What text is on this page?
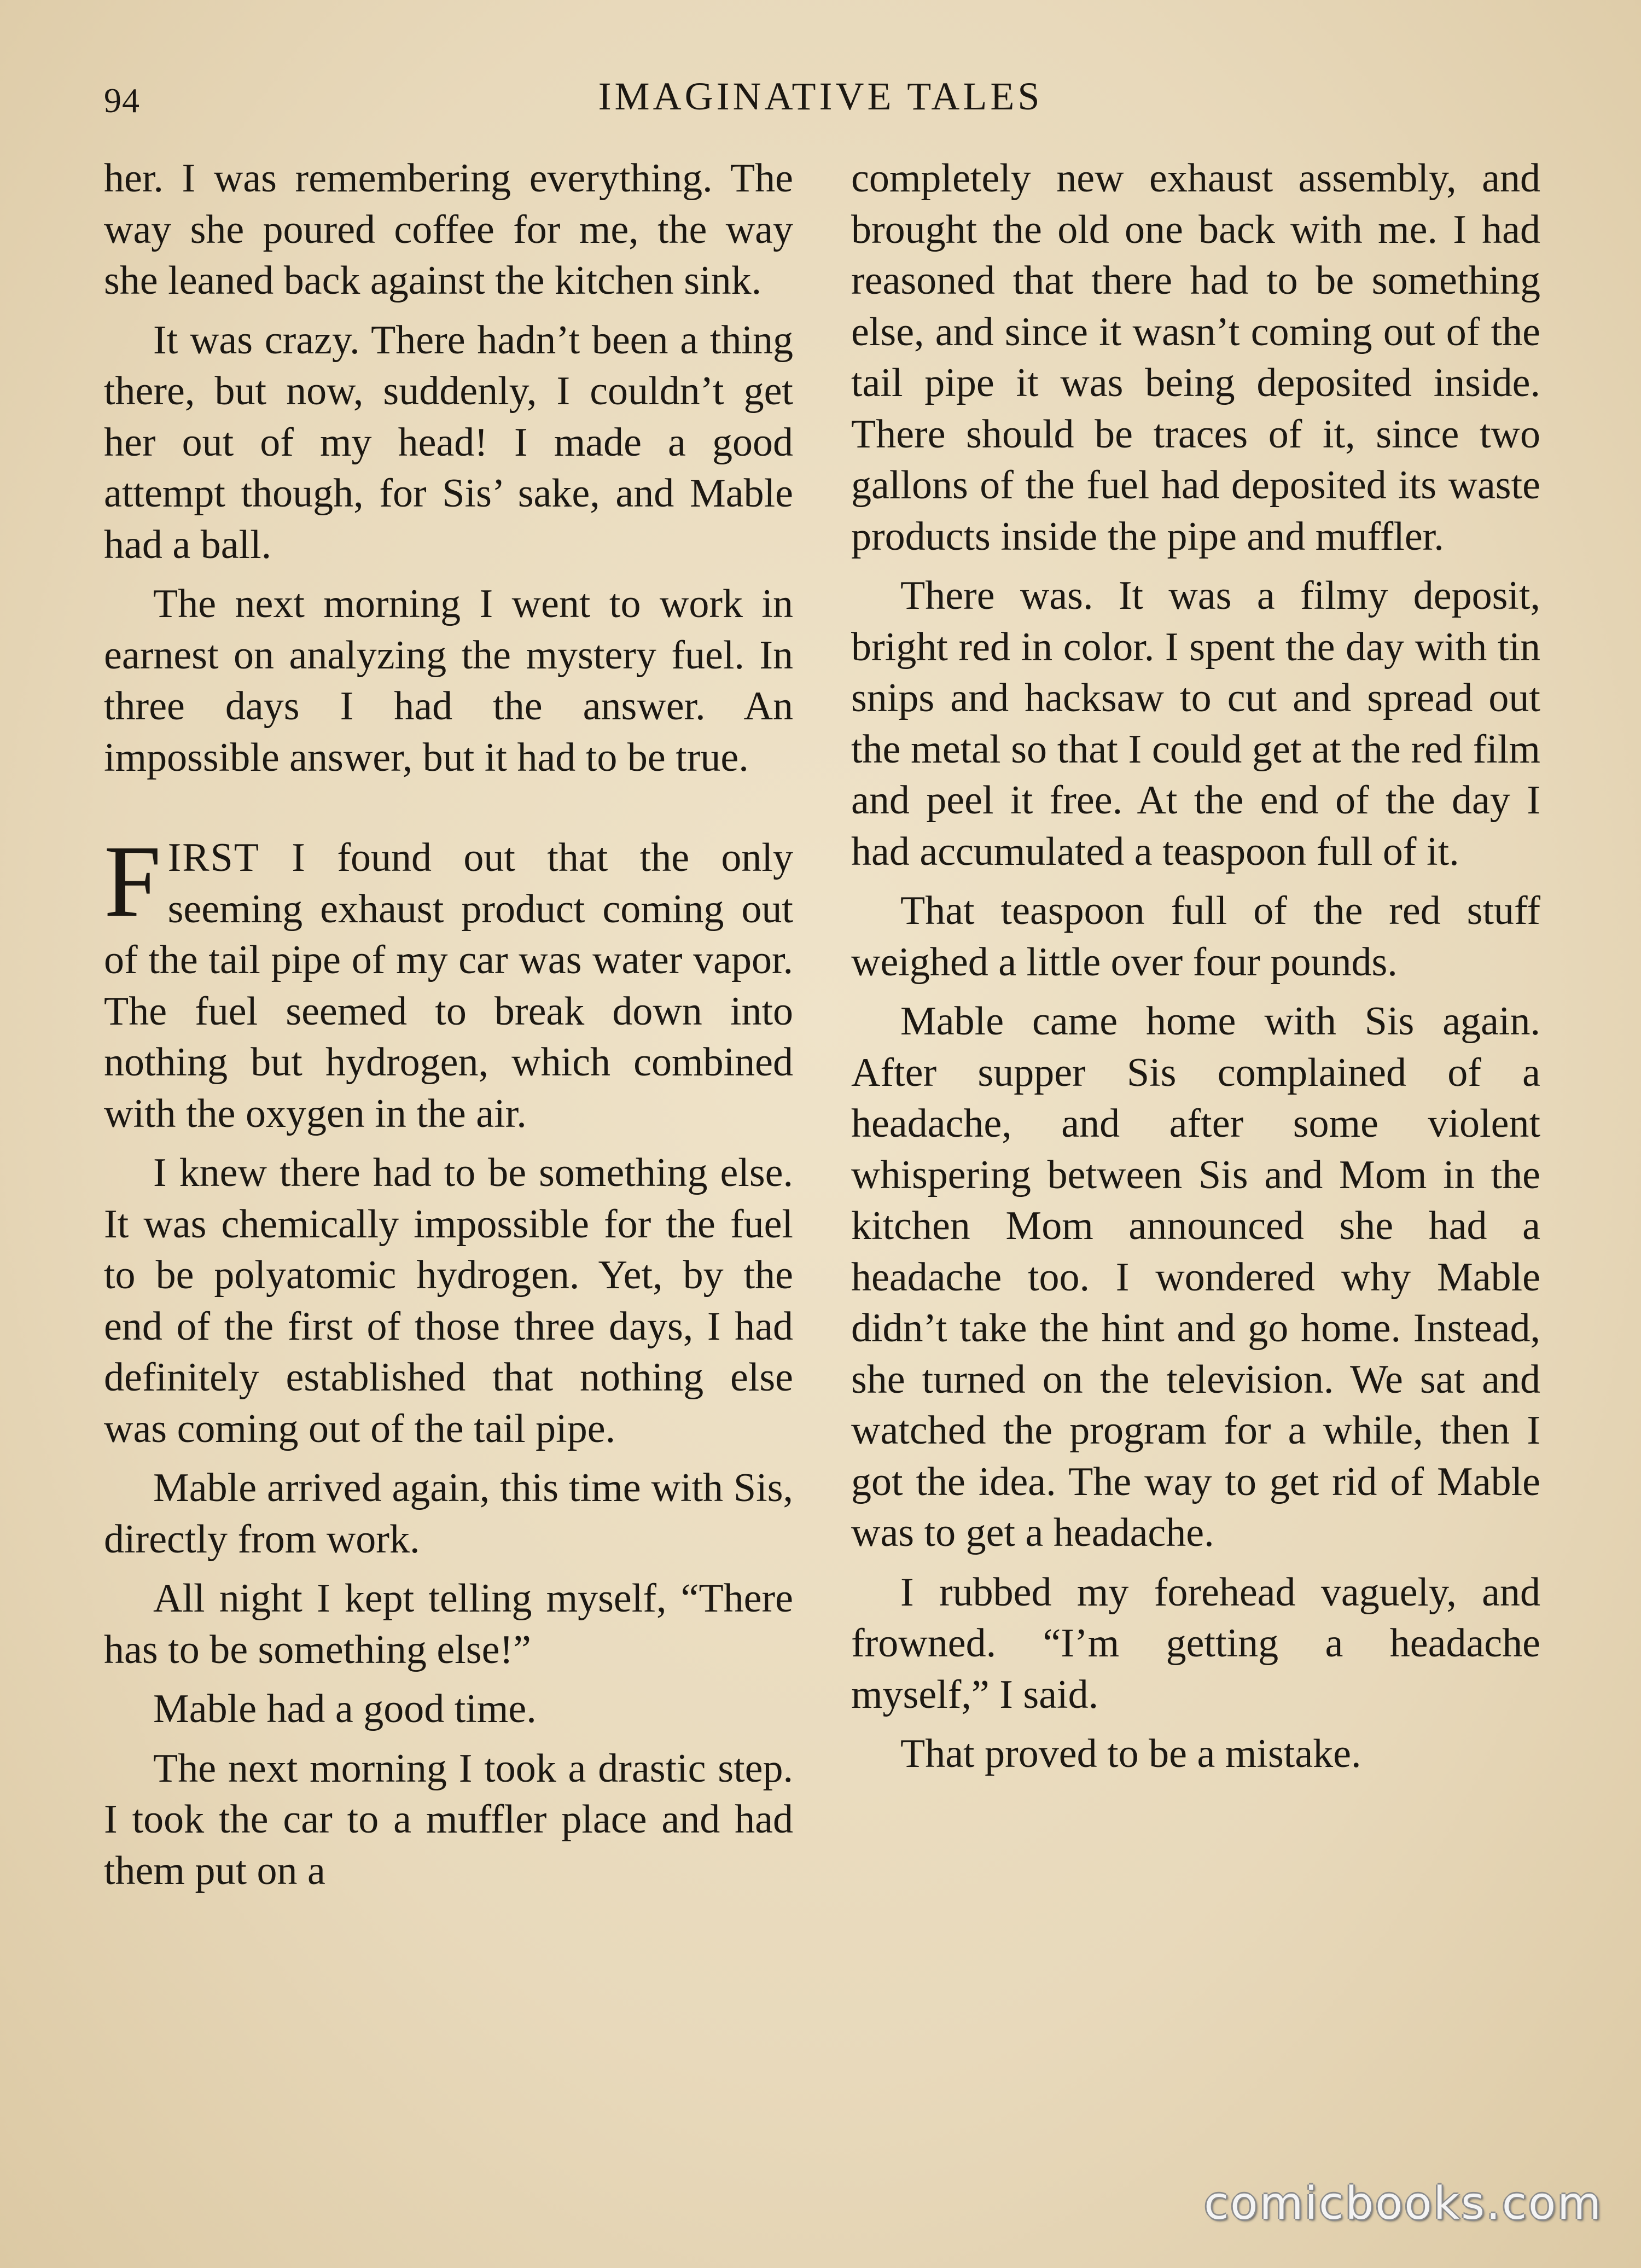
94	IMAGINATIVE TALES

her. I was remembering everything. The way she poured coffee for me, the way she leaned back against the kitchen sink.

It was crazy. There hadn’t been a thing there, but now, suddenly, I couldn’t get her out of my head! I made a good attempt though, for Sis’ sake, and Mable had a ball.

The next morning I went to work in earnest on analyzing the mystery fuel. In three days I had the answer. An impossible answer, but it had to be true.

FIRST I found out that the only seeming exhaust product coming out of the tail pipe of my car was water vapor. The fuel seemed to break down into nothing but hydrogen, which combined with the oxygen in the air.

I knew there had to be something else. It was chemically impossible for the fuel to be polyatomic hydrogen. Yet, by the end of the first of those three days, I had definitely established that nothing else was coming out of the tail pipe.

Mable arrived again, this time with Sis, directly from work.

All night I kept telling myself, “There has to be something else!”

Mable had a good time.

The next morning I took a drastic step. I took the car to a muffler place and had them put on a

completely new exhaust assembly, and brought the old one back with me. I had reasoned that there had to be something else, and since it wasn’t coming out of the tail pipe it was being deposited inside. There should be traces of it, since two gallons of the fuel had deposited its waste products inside the pipe and muffler.

There was. It was a filmy deposit, bright red in color. I spent the day with tin snips and hacksaw to cut and spread out the metal so that I could get at the red film and peel it free. At the end of the day I had accumulated a teaspoon full of it.

That teaspoon full of the red stuff weighed a little over four pounds.

Mable came home with Sis again. After supper Sis complained of a headache, and after some violent whispering between Sis and Mom in the kitchen Mom announced she had a headache too. I wondered why Mable didn’t take the hint and go home. Instead, she turned on the television. We sat and watched the program for a while, then I got the idea. The way to get rid of Mable was to get a headache.

I rubbed my forehead vaguely, and frowned. “I’m getting a headache myself,” I said.

That proved to be a mistake.

comicbooks.com
